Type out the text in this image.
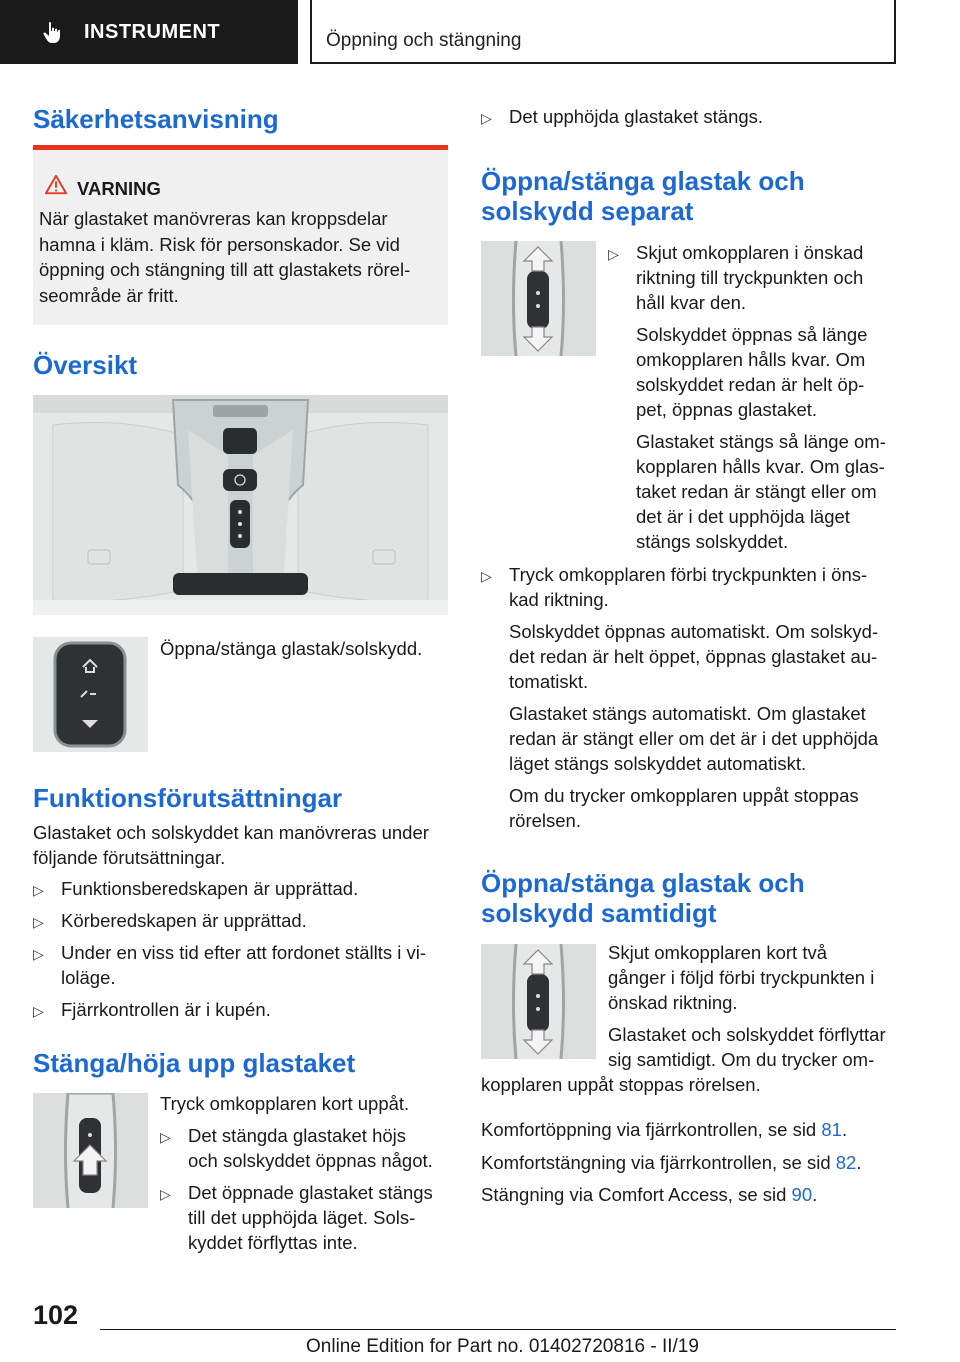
INSTRUMENT	Öppning och stängning
Säkerhetsanvisning
VARNING
När glastaket manövreras kan kroppsdelar
hamna i kläm. Risk för personskador. Se vid
öppning och stängning till att glastakets rörel-
seområde är fritt.
Översikt
Öppna/stänga glastak/solskydd.
Funktionsförutsättningar
Glastaket och solskyddet kan manövreras under
följande förutsättningar.
▷ Funktionsberedskapen är upprättad.
▷ Körberedskapen är upprättad.
▷ Under en viss tid efter att fordonet ställts i vi-
loläge.
▷ Fjärrkontrollen är i kupén.
Stänga/höja upp glastaket
Tryck omkopplaren kort uppåt.
▷ Det stängda glastaket höjs
och solskyddet öppnas något.
▷ Det öppnade glastaket stängs
till det upphöjda läget. Sols-
kyddet förflyttas inte.
▷ Det upphöjda glastaket stängs.
Öppna/stänga glastak och
solskydd separat
▷ Skjut omkopplaren i önskad
riktning till tryckpunkten och
håll kvar den.
Solskyddet öppnas så länge
omkopplaren hålls kvar. Om
solskyddet redan är helt öp-
pet, öppnas glastaket.
Glastaket stängs så länge om-
kopplaren hålls kvar. Om glas-
taket redan är stängt eller om
det är i det upphöjda läget
stängs solskyddet.
▷ Tryck omkopplaren förbi tryckpunkten i öns-
kad riktning.
Solskyddet öppnas automatiskt. Om solskyd-
det redan är helt öppet, öppnas glastaket au-
tomatiskt.
Glastaket stängs automatiskt. Om glastaket
redan är stängt eller om det är i det upphöjda
läget stängs solskyddet automatiskt.
Om du trycker omkopplaren uppåt stoppas
rörelsen.
Öppna/stänga glastak och
solskydd samtidigt
Skjut omkopplaren kort två
gånger i följd förbi tryckpunkten i
önskad riktning.
Glastaket och solskyddet förflyttar
sig samtidigt. Om du trycker om-
kopplaren uppåt stoppas rörelsen.
Komfortöppning via fjärrkontrollen, se sid 81.
Komfortstängning via fjärrkontrollen, se sid 82.
Stängning via Comfort Access, se sid 90.
102
Online Edition for Part no. 01402720816 - II/19
